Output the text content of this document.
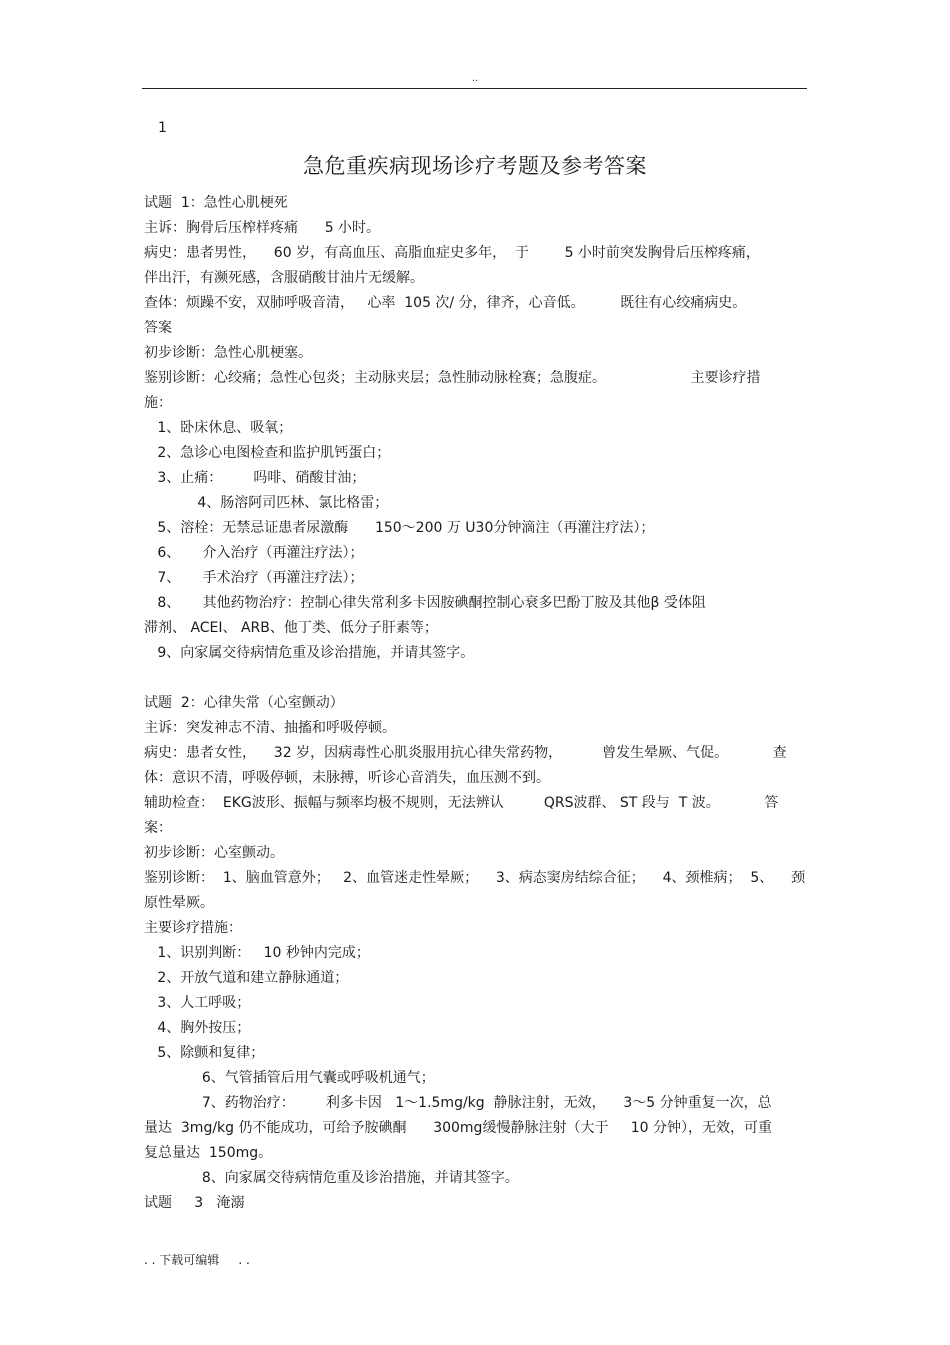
..
1
急危重疾病现场诊疗考题及参考答案
试题  1：急性心肌梗死
主诉：胸骨后压榨样疼痛      5 小时。
病史：患者男性，    60 岁，有高血压、高脂血症史多年，  于        5 小时前突发胸骨后压榨疼痛，
伴出汗，有濒死感，含服硝酸甘油片无缓解。
查体：烦躁不安，双肺呼吸音清，   心率  105 次/ 分，律齐，心音低。        既往有心绞痛病史。
答案
初步诊断：急性心肌梗塞。
鉴别诊断：心绞痛；急性心包炎；主动脉夹层；急性肺动脉栓赛；急腹症。                   主要诊疗措
施：
1、卧床休息、吸氧；
2、急诊心电图检查和监护肌钙蛋白；
3、止痛：       吗啡、硝酸甘油；
4、肠溶阿司匹林、氯比格雷；
5、溶栓：无禁忌证患者尿激酶      150～200 万 U30分钟滴注（再灌注疗法）；
6、     介入治疗（再灌注疗法）；
7、     手术治疗（再灌注疗法）；
8、     其他药物治疗：控制心律失常利多卡因胺碘酮控制心衰多巴酚丁胺及其他β 受体阻
滞剂、 ACEI、 ARB、他丁类、低分子肝素等；
9、向家属交待病情危重及诊治措施，并请其签字。
试题  2：心律失常（心室颤动）
主诉：突发神志不清、抽搐和呼吸停顿。
病史：患者女性，    32 岁，因病毒性心肌炎服用抗心律失常药物，         曾发生晕厥、气促。          查
体：意识不清，呼吸停顿，未脉搏，听诊心音消失，血压测不到。
辅助检查：  EKG波形、振幅与频率均极不规则，无法辨认         QRS波群、 ST 段与  T 波。          答
案：
初步诊断：心室颤动。
鉴别诊断：  1、脑血管意外；   2、血管迷走性晕厥；    3、病态窦房结综合征；    4、颈椎病；  5、    颈
原性晕厥。
主要诊疗措施：
1、识别判断：   10 秒钟内完成；
2、开放气道和建立静脉通道；
3、人工呼吸；
4、胸外按压；
5、除颤和复律；
6、气管插管后用气囊或呼吸机通气；
7、药物治疗：       利多卡因   1～1.5mg/kg  静脉注射，无效，    3～5 分钟重复一次，总
量达  3mg/kg 仍不能成功，可给予胺碘酮      300mg缓慢静脉注射（大于     10 分钟），无效，可重
复总量达  150mg。
8、向家属交待病情危重及诊治措施，并请其签字。
试题     3   淹溺
. . 下载可编辑     . .
